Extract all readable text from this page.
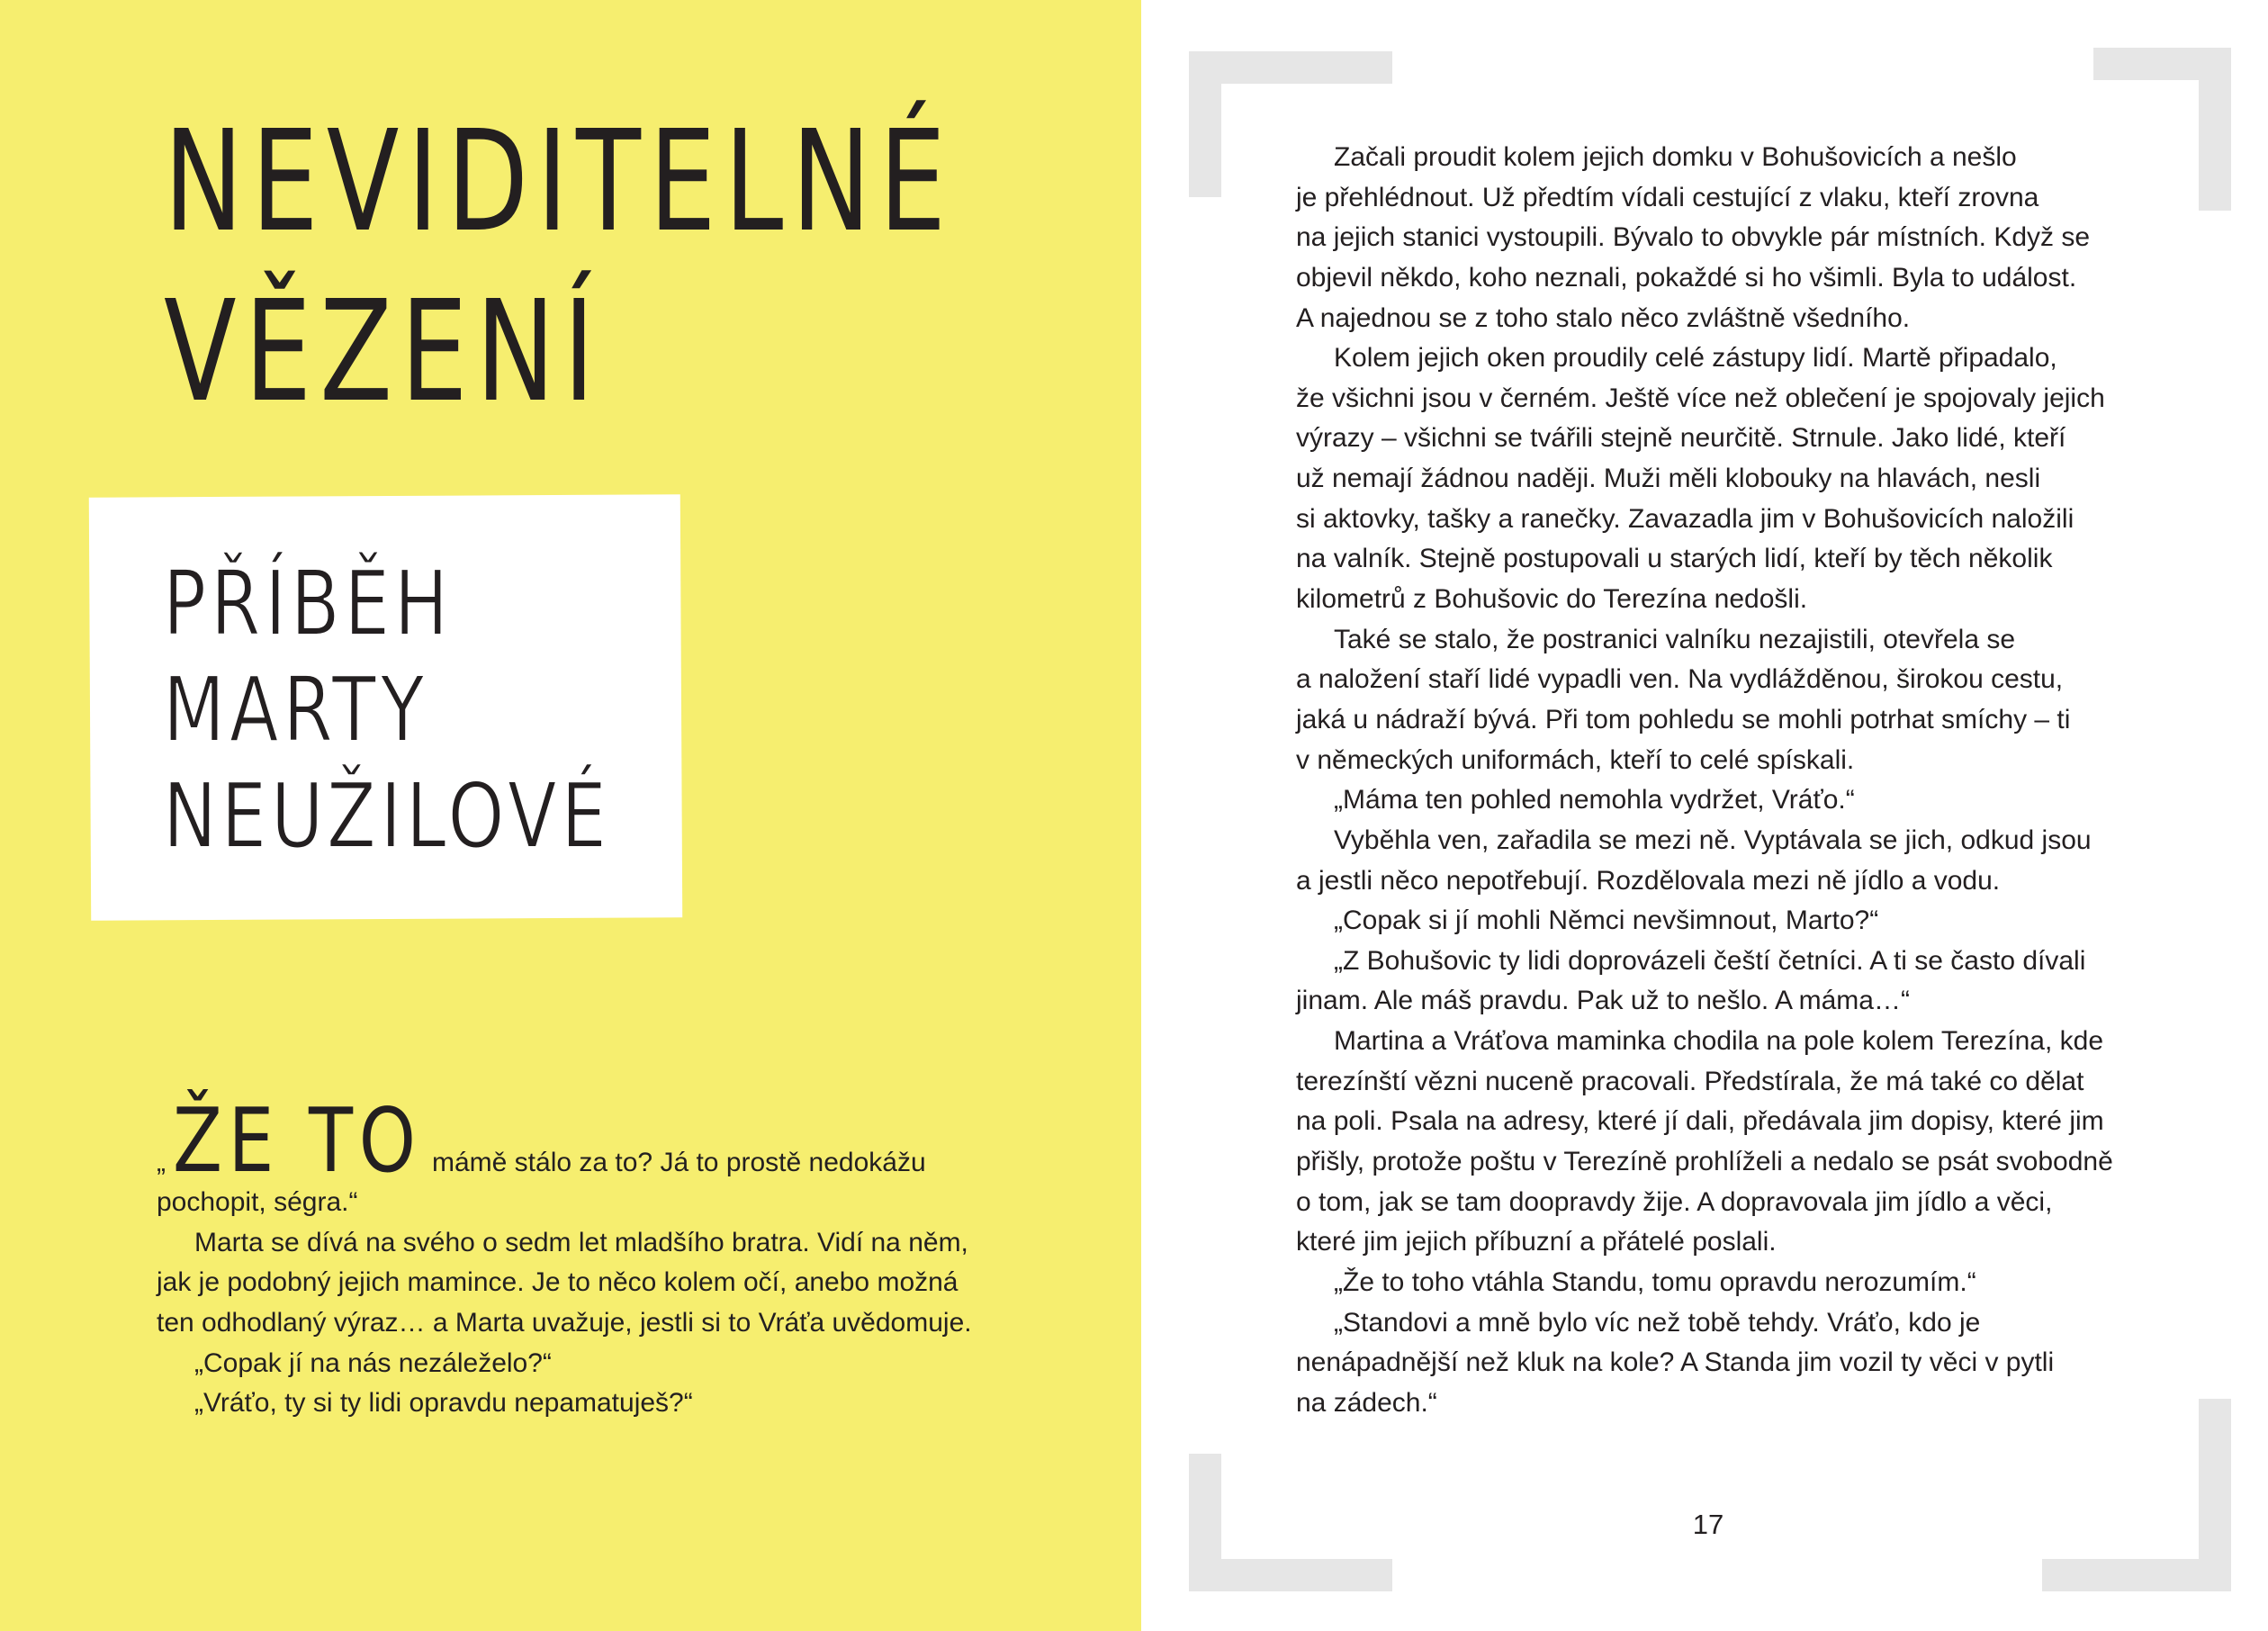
NEVIDITELNÉ
VĚZENÍ
PŘÍBĚH
MARTY
NEUŽILOVÉ
„ ŽE TO mámě stálo za to? Já to prostě nedokážu
pochopit, ségra.“
Marta se dívá na svého o sedm let mladšího bratra. Vidí na něm,
jak je podobný jejich mamince. Je to něco kolem očí, anebo možná
ten odhodlaný výraz… a Marta uvažuje, jestli si to Vráťa uvědomuje.
„Copak jí na nás nezáleželo?“
„Vráťo, ty si ty lidi opravdu nepamatuješ?“
Začali proudit kolem jejich domku v Bohušovicích a nešlo
je přehlédnout. Už předtím vídali cestující z vlaku, kteří zrovna
na jejich stanici vystoupili. Bývalo to obvykle pár místních. Když se
objevil někdo, koho neznali, pokaždé si ho všimli. Byla to událost.
A najednou se z toho stalo něco zvláštně všedního.
Kolem jejich oken proudily celé zástupy lidí. Martě připadalo,
že všichni jsou v černém. Ještě více než oblečení je spojovaly jejich
výrazy – všichni se tvářili stejně neurčitě. Strnule. Jako lidé, kteří
už nemají žádnou naději. Muži měli klobouky na hlavách, nesli
si aktovky, tašky a ranečky. Zavazadla jim v Bohušovicích naložili
na valník. Stejně postupovali u starých lidí, kteří by těch několik
kilometrů z Bohušovic do Terezína nedošli.
Také se stalo, že postranici valníku nezajistili, otevřela se
a naložení staří lidé vypadli ven. Na vydlážděnou, širokou cestu,
jaká u nádraží bývá. Při tom pohledu se mohli potrhat smíchy – ti
v německých uniformách, kteří to celé spískali.
„Máma ten pohled nemohla vydržet, Vráťo.“
Vyběhla ven, zařadila se mezi ně. Vyptávala se jich, odkud jsou
a jestli něco nepotřebují. Rozdělovala mezi ně jídlo a vodu.
„Copak si jí mohli Němci nevšimnout, Marto?“
„Z Bohušovic ty lidi doprovázeli čeští četníci. A ti se často dívali
jinam. Ale máš pravdu. Pak už to nešlo. A máma…“
Martina a Vráťova maminka chodila na pole kolem Terezína, kde
terezínští vězni nuceně pracovali. Předstírala, že má také co dělat
na poli. Psala na adresy, které jí dali, předávala jim dopisy, které jim
přišly, protože poštu v Terezíně prohlíželi a nedalo se psát svobodně
o tom, jak se tam doopravdy žije. A dopravovala jim jídlo a věci,
které jim jejich příbuzní a přátelé poslali.
„Že to toho vtáhla Standu, tomu opravdu nerozumím.“
„Standovi a mně bylo víc než tobě tehdy. Vráťo, kdo je
nenápadnější než kluk na kole? A Standa jim vozil ty věci v pytli
na zádech.“
17
